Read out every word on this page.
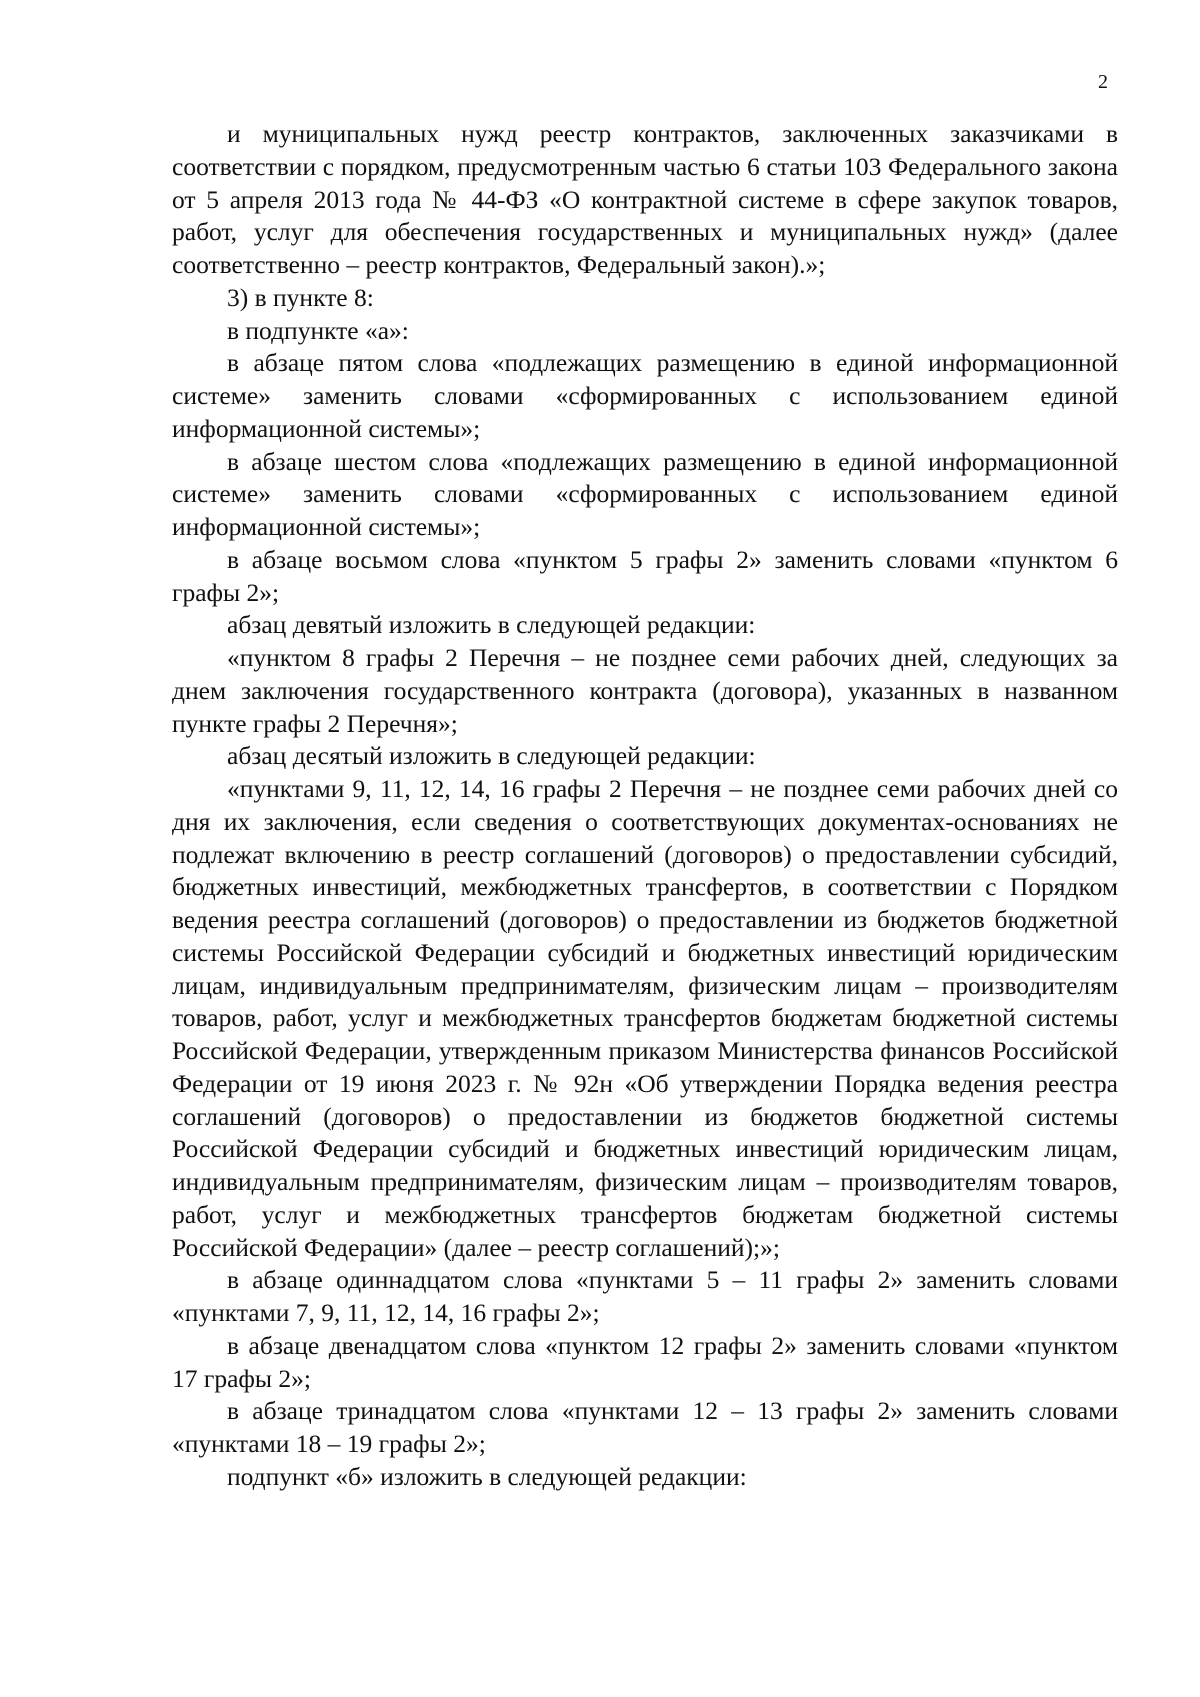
2

и муниципальных нужд реестр контрактов, заключенных заказчиками в соответствии с порядком, предусмотренным частью 6 статьи 103 Федерального закона от 5 апреля 2013 года № 44-ФЗ «О контрактной системе в сфере закупок товаров, работ, услуг для обеспечения государственных и муниципальных нужд» (далее соответственно – реестр контрактов, Федеральный закон).»;

3) в пункте 8:

в подпункте «а»:

в абзаце пятом слова «подлежащих размещению в единой информационной системе» заменить словами «сформированных с использованием единой информационной системы»;

в абзаце шестом слова «подлежащих размещению в единой информационной системе» заменить словами «сформированных с использованием единой информационной системы»;

в абзаце восьмом слова «пунктом 5 графы 2» заменить словами «пунктом 6 графы 2»;

абзац девятый изложить в следующей редакции:

«пунктом 8 графы 2 Перечня – не позднее семи рабочих дней, следующих за днем заключения государственного контракта (договора), указанных в названном пункте графы 2 Перечня»;

абзац десятый изложить в следующей редакции:

«пунктами 9, 11, 12, 14, 16 графы 2 Перечня – не позднее семи рабочих дней со дня их заключения, если сведения о соответствующих документах-основаниях не подлежат включению в реестр соглашений (договоров) о предоставлении субсидий, бюджетных инвестиций, межбюджетных трансфертов, в соответствии с Порядком ведения реестра соглашений (договоров) о предоставлении из бюджетов бюджетной системы Российской Федерации субсидий и бюджетных инвестиций юридическим лицам, индивидуальным предпринимателям, физическим лицам – производителям товаров, работ, услуг и межбюджетных трансфертов бюджетам бюджетной системы Российской Федерации, утвержденным приказом Министерства финансов Российской Федерации от 19 июня 2023 г. № 92н «Об утверждении Порядка ведения реестра соглашений (договоров) о предоставлении из бюджетов бюджетной системы Российской Федерации субсидий и бюджетных инвестиций юридическим лицам, индивидуальным предпринимателям, физическим лицам – производителям товаров, работ, услуг и межбюджетных трансфертов бюджетам бюджетной системы Российской Федерации» (далее – реестр соглашений);»;

в абзаце одиннадцатом слова «пунктами 5 – 11 графы 2» заменить словами «пунктами 7, 9, 11, 12, 14, 16 графы 2»;

в абзаце двенадцатом слова «пунктом 12 графы 2» заменить словами «пунктом 17 графы 2»;

в абзаце тринадцатом слова «пунктами 12 – 13 графы 2» заменить словами «пунктами 18 – 19 графы 2»;

подпункт «б» изложить в следующей редакции:
